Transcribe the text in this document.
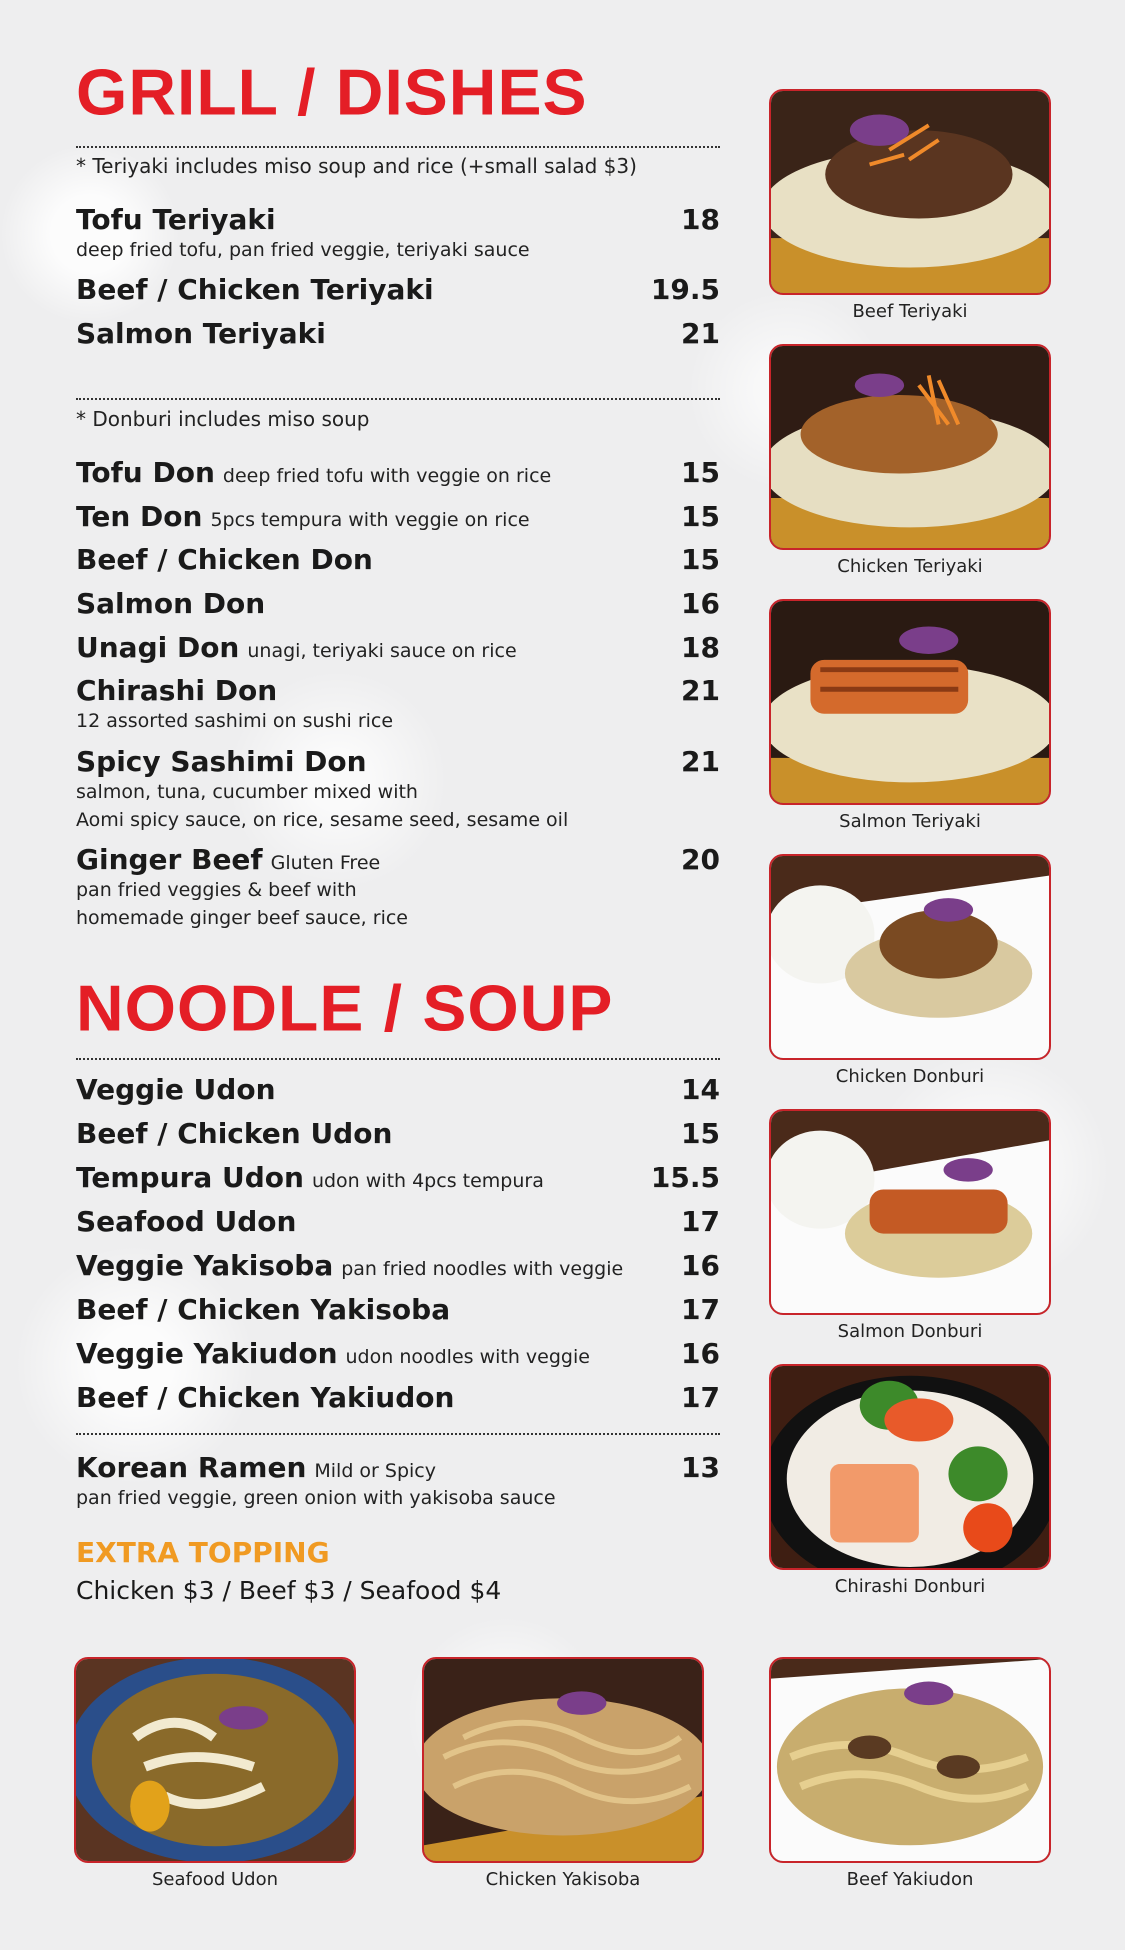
GRILL / DISHES
* Teriyaki includes miso soup and rice (+small salad $3)
Tofu Teriyaki	18
deep fried tofu, pan fried veggie, teriyaki sauce
Beef / Chicken Teriyaki	19.5
Salmon Teriyaki	21
* Donburi includes miso soup
Tofu Don deep fried tofu with veggie on rice	15
Ten Don 5pcs tempura with veggie on rice	15
Beef / Chicken Don	15
Salmon Don	16
Unagi Don unagi, teriyaki sauce on rice	18
Chirashi Don	21
12 assorted sashimi on sushi rice
Spicy Sashimi Don	21
salmon, tuna, cucumber mixed with
Aomi spicy sauce, on rice, sesame seed, sesame oil
Ginger Beef Gluten Free	20
pan fried veggies & beef with
homemade ginger beef sauce, rice
NOODLE / SOUP
Veggie Udon	14
Beef / Chicken Udon	15
Tempura Udon udon with 4pcs tempura	15.5
Seafood Udon	17
Veggie Yakisoba pan fried noodles with veggie 16
Beef / Chicken Yakisoba	17
Veggie Yakiudon udon noodles with veggie	16
Beef / Chicken Yakiudon	17
Korean Ramen Mild or Spicy	13
pan fried veggie, green onion with yakisoba sauce
EXTRA TOPPING
Chicken $3 / Beef $3 / Seafood $4
Beef Teriyaki
Chicken Teriyaki
Salmon Teriyaki
Chicken Donburi
Salmon Donburi
Chirashi Donburi
Seafood Udon	Chicken Yakisoba	Beef Yakiudon
